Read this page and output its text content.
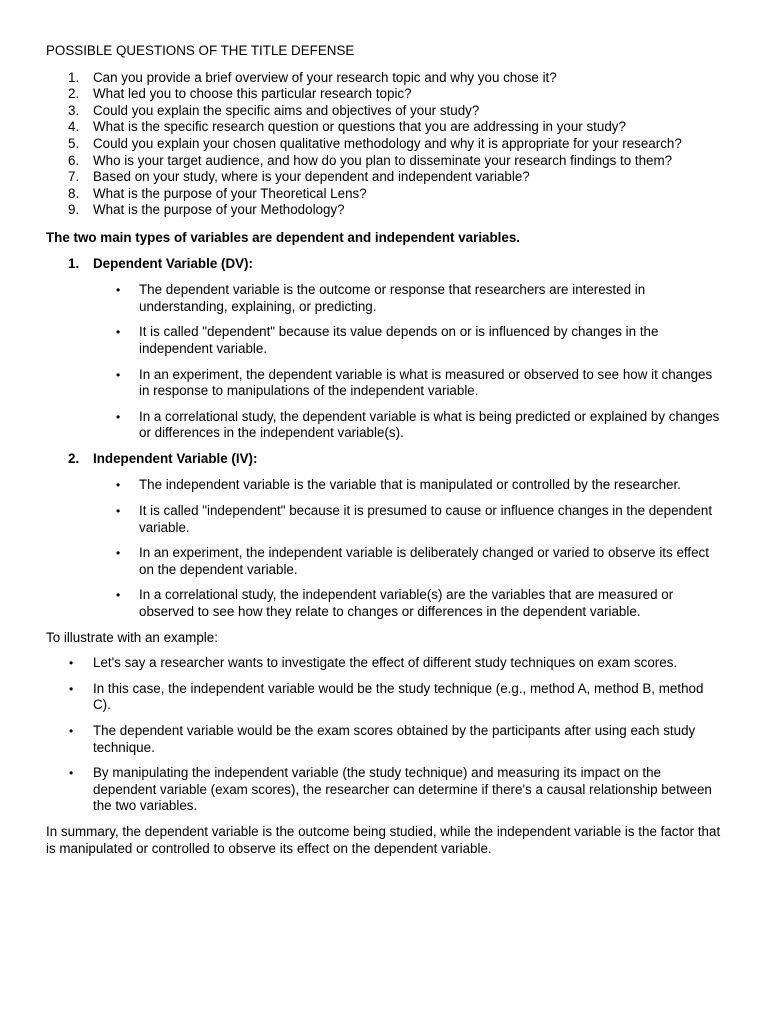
POSSIBLE QUESTIONS OF THE TITLE DEFENSE
1.	Can you provide a brief overview of your research topic and why you chose it?
2.	What led you to choose this particular research topic?
3.	Could you explain the specific aims and objectives of your study?
4.	What is the specific research question or questions that you are addressing in your study?
5.	Could you explain your chosen qualitative methodology and why it is appropriate for your research?
6.	Who is your target audience, and how do you plan to disseminate your research findings to them?
7.	Based on your study, where is your dependent and independent variable?
8.	What is the purpose of your Theoretical Lens?
9.	What is the purpose of your Methodology?
The two main types of variables are dependent and independent variables.
1. Dependent Variable (DV):
• The dependent variable is the outcome or response that researchers are interested in understanding, explaining, or predicting.
• It is called "dependent" because its value depends on or is influenced by changes in the independent variable.
• In an experiment, the dependent variable is what is measured or observed to see how it changes in response to manipulations of the independent variable.
• In a correlational study, the dependent variable is what is being predicted or explained by changes or differences in the independent variable(s).
2. Independent Variable (IV):
• The independent variable is the variable that is manipulated or controlled by the researcher.
• It is called "independent" because it is presumed to cause or influence changes in the dependent variable.
• In an experiment, the independent variable is deliberately changed or varied to observe its effect on the dependent variable.
• In a correlational study, the independent variable(s) are the variables that are measured or observed to see how they relate to changes or differences in the dependent variable.
To illustrate with an example:
• Let's say a researcher wants to investigate the effect of different study techniques on exam scores.
• In this case, the independent variable would be the study technique (e.g., method A, method B, method C).
• The dependent variable would be the exam scores obtained by the participants after using each study technique.
• By manipulating the independent variable (the study technique) and measuring its impact on the dependent variable (exam scores), the researcher can determine if there's a causal relationship between the two variables.
In summary, the dependent variable is the outcome being studied, while the independent variable is the factor that is manipulated or controlled to observe its effect on the dependent variable.
